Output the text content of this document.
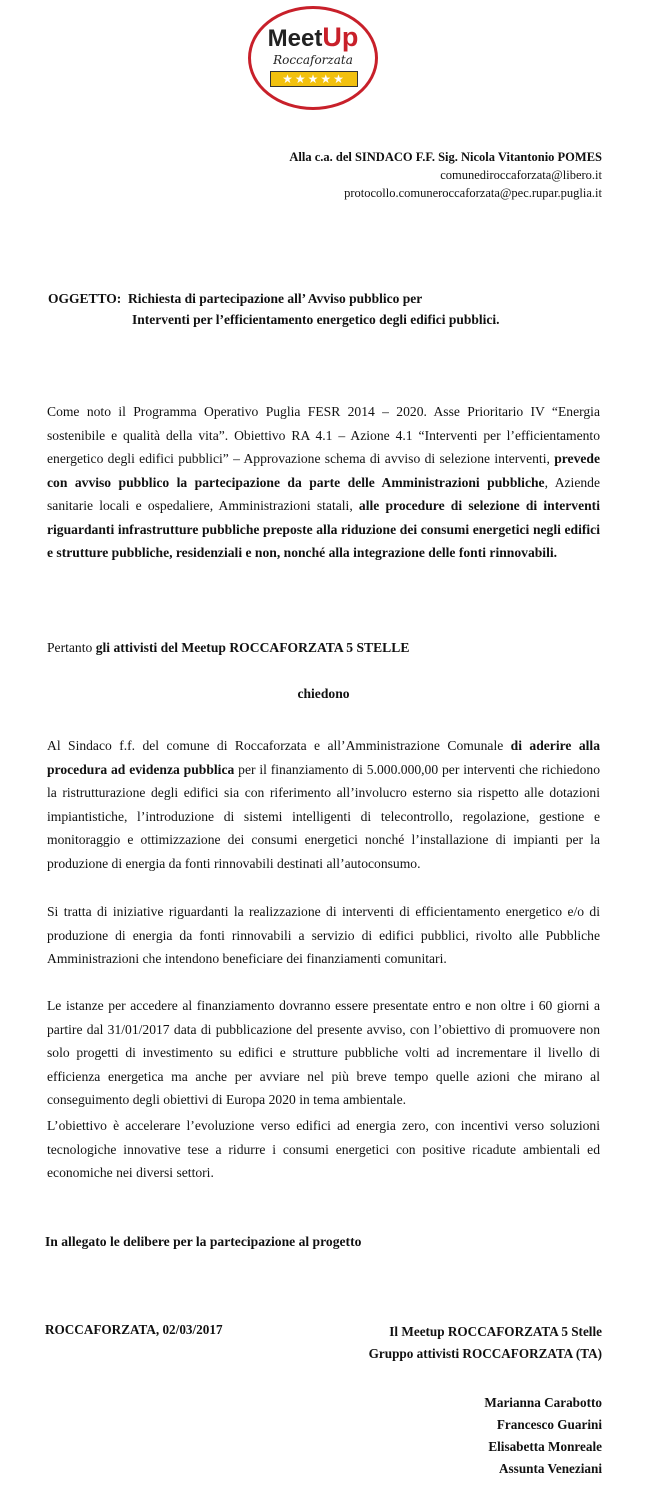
MeetUp
Roccaforzata
★★★★★
Alla c.a. del SINDACO F.F. Sig. Nicola Vitantonio POMES
comunediroccaforzata@libero.it
protocollo.comuneroccaforzata@pec.rupar.puglia.it
OGGETTO: Richiesta di partecipazione all’ Avviso pubblico per
Interventi per l’efficientamento energetico degli edifici pubblici.
Come noto il Programma Operativo Puglia FESR 2014 – 2020. Asse Prioritario IV “Energia sostenibile e qualità della vita”. Obiettivo RA 4.1 – Azione 4.1 “Interventi per l’efficientamento energetico degli edifici pubblici” – Approvazione schema di avviso di selezione interventi, prevede con avviso pubblico la partecipazione da parte delle Amministrazioni pubbliche, Aziende sanitarie locali e ospedaliere, Amministrazioni statali, alle procedure di selezione di interventi riguardanti infrastrutture pubbliche preposte alla riduzione dei consumi energetici negli edifici e strutture pubbliche, residenziali e non, nonché alla integrazione delle fonti rinnovabili.
Pertanto gli attivisti del Meetup ROCCAFORZATA 5 STELLE
chiedono
Al Sindaco f.f. del comune di Roccaforzata e all’Amministrazione Comunale di aderire alla procedura ad evidenza pubblica per il finanziamento di 5.000.000,00 per interventi che richiedono la ristrutturazione degli edifici sia con riferimento all’involucro esterno sia rispetto alle dotazioni impiantistiche, l’introduzione di sistemi intelligenti di telecontrollo, regolazione, gestione e monitoraggio e ottimizzazione dei consumi energetici nonché l’installazione di impianti per la produzione di energia da fonti rinnovabili destinati all’autoconsumo.
Si tratta di iniziative riguardanti la realizzazione di interventi di efficientamento energetico e/o di produzione di energia da fonti rinnovabili a servizio di edifici pubblici, rivolto alle Pubbliche Amministrazioni che intendono beneficiare dei finanziamenti comunitari.
Le istanze per accedere al finanziamento dovranno essere presentate entro e non oltre i 60 giorni a partire dal 31/01/2017 data di pubblicazione del presente avviso, con l’obiettivo di promuovere non solo progetti di investimento su edifici e strutture pubbliche volti ad incrementare il livello di efficienza energetica ma anche per avviare nel più breve tempo quelle azioni che mirano al conseguimento degli obiettivi di Europa 2020 in tema ambientale.
L’obiettivo è accelerare l’evoluzione verso edifici ad energia zero, con incentivi verso soluzioni tecnologiche innovative tese a ridurre i consumi energetici con positive ricadute ambientali ed economiche nei diversi settori.
In allegato le delibere per la partecipazione al progetto
ROCCAFORZATA, 02/03/2017	Il Meetup ROCCAFORZATA 5 Stelle
Gruppo attivisti ROCCAFORZATA (TA)
Marianna Carabotto
Francesco Guarini
Elisabetta Monreale
Assunta Veneziani
